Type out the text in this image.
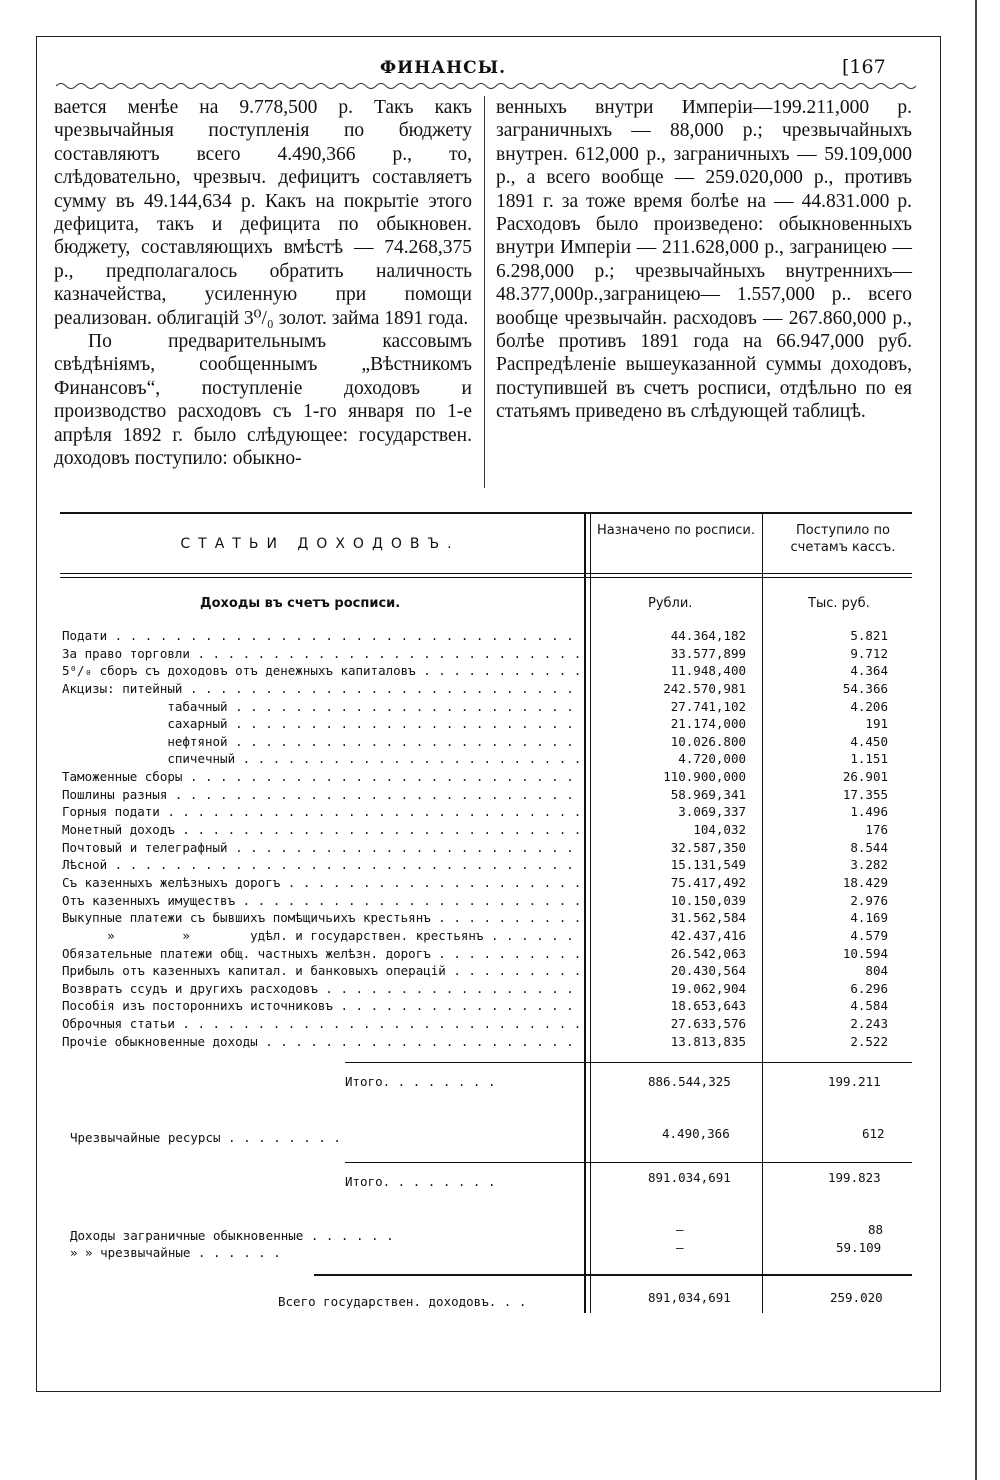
ФИНАНСЫ.	[167

вается менѣе на 9.778,500 р. Такъ какъ чрезвычайныя поступленія по бюджету составляютъ всего 4.490,366 р., то, слѣдовательно, чрезвыч. дефицитъ составляетъ сумму въ 49.144,634 р. Какъ на покрытіе этого дефицита, такъ и дефицита по обыкновен. бюджету, составляющихъ вмѣстѣ — 74.268,375 р., предполагалось обратить наличность казначейства, усиленную при помощи реализован. облигацій 3⁰/₀ золот. займа 1891 года.

По предварительнымъ кассовымъ свѣдѣніямъ, сообщеннымъ „Вѣстникомъ Финансовъ“, поступленіе доходовъ и производство расходовъ съ 1-го января по 1-е апрѣля 1892 г. было слѣдующее: государствен. доходовъ поступило: обыкно-

венныхъ внутри Имперіи—199.211,000 р. заграничныхъ — 88,000 р.; чрезвычайныхъ внутрен. 612,000 р., заграничныхъ — 59.109,000 р., а всего вообще — 259.020,000 р., противъ 1891 г. за тоже время болѣе на — 44.831.000 р. Расходовъ было произведено: обыкновенныхъ внутри Имперіи — 211.628,000 р., заграницею — 6.298,000 р.; чрезвычайныхъ внутреннихъ—48.377,000р.,заграницею— 1.557,000 р.. всего вообще чрезвычайн. расходовъ — 267.860,000 р., болѣе противъ 1891 года на 66.947,000 руб. Распредѣленіе вышеуказанной суммы доходовъ, поступившей въ счетъ росписи, отдѣльно по ея статьямъ приведено въ слѣдующей таблицѣ.

СТАТЬИ ДОХОДОВЪ.
Назначено по росписи.	Поступило по счетамъ кассъ.
Доходы въ счетъ росписи.	Рубли.	Тыс. руб.
Подати . . .	44.364,182	5.821
За право торговли . . .	33.577,899	9.712
5⁰/₀ сборъ съ доходовъ отъ денежныхъ капиталовъ . . .	11.948,400	4.364
Акцизы: питейный . . .	242.570,981	54.366
табачный . . .	27.741,102	4.206
сахарный . . .	21.174,000	191
нефтяной . . .	10.026.800	4.450
спичечный . . .	4.720,000	1.151
Таможенные сборы . . .	110.900,000	26.901
Пошлины разныя . . .	58.969,341	17.355
Горныя подати . . .	3.069,337	1.496
Монетный доходъ . . .	104,032	176
Почтовый и телеграфный . . .	32.587,350	8.544
Лѣсной . . .	15.131,549	3.282
Съ казенныхъ желѣзныхъ дорогъ . . .	75.417,492	18.429
Отъ казенныхъ имуществъ . . .	10.150,039	2.976
Выкупные платежи съ бывшихъ помѣщичьихъ крестьянъ . . .	31.562,584	4.169
»         »        удѣл. и государствен. крестьянъ . . .	42.437,416	4.579
Обязательные платежи общ. частныхъ желѣзн. дорогъ . . .	26.542,063	10.594
Прибыль отъ казенныхъ капитал. и банковыхъ операцій . . .	20.430,564	804
Возвратъ ссудъ и другихъ расходовъ . . .	19.062,904	6.296
Пособія изъ постороннихъ источниковъ . . .	18.653,643	4.584
Оброчныя статьи . . .	27.633,576	2.243
Прочіе обыкновенные доходы . . .	13.813,835	2.522
Итого. . . . . . . .	886.544,325	199.211
Чрезвычайные ресурсы . . . . . . . .	4.490,366	612
Итого. . . . . . . .	891.034,691	199.823
Доходы заграничные обыкновенные . . . . . .	—	88
» » чрезвычайные . . . . . .	—	59.109
Всего государствен. доходовъ. . .	891,034,691	259.020
